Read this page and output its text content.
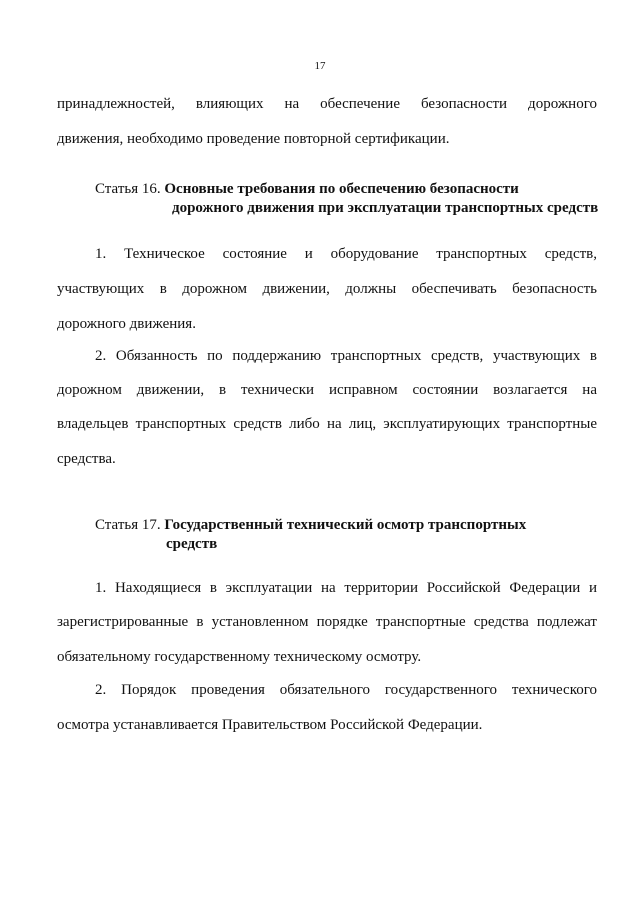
17

принадлежностей, влияющих на обеспечение безопасности дорожного

движения, необходимо проведение повторной сертификации.

Статья 16. Основные требования по обеспечению безопасности
дорожного движения при эксплуатации транспортных средств

1. Техническое состояние и оборудование транспортных средств,

участвующих в дорожном движении, должны обеспечивать безопасность

дорожного движения.

2. Обязанность по поддержанию транспортных средств, участвующих в

дорожном движении, в технически исправном состоянии возлагается на

владельцев транспортных средств либо на лиц, эксплуатирующих транспортные

средства.

Статья 17. Государственный технический осмотр транспортных
средств

1. Находящиеся в эксплуатации на территории Российской Федерации и

зарегистрированные в установленном порядке транспортные средства подлежат

обязательному государственному техническому осмотру.

2. Порядок проведения обязательного государственного технического

осмотра устанавливается Правительством Российской Федерации.
